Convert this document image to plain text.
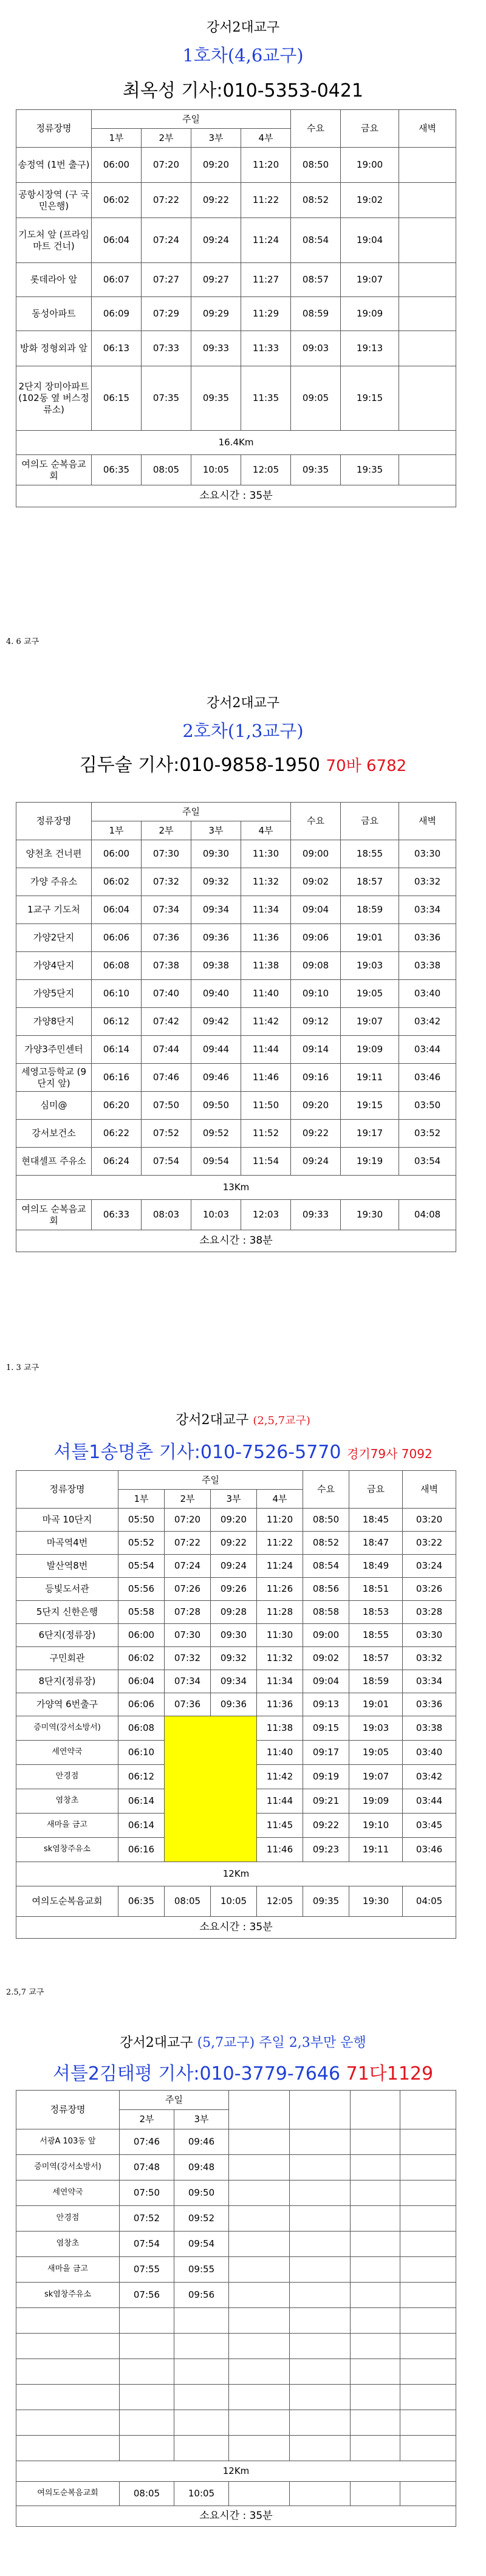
강서2대교구
1호차(4,6교구)
최옥성 기사:010-5353-0421
정류장명	주일				수요	금요	새벽
	1부	2부	3부	4부			
송정역 (1번 출구)	06:00	07:20	09:20	11:20	08:50	19:00	
공항시장역 (구 국민은행)	06:02	07:22	09:22	11:22	08:52	19:02	
기도처 앞 (프라임 마트 건너)	06:04	07:24	09:24	11:24	08:54	19:04	
롯데라아 앞	06:07	07:27	09:27	11:27	08:57	19:07	
동성아파트	06:09	07:29	09:29	11:29	08:59	19:09	
방화 정형외과 앞	06:13	07:33	09:33	11:33	09:03	19:13	
2단지 장미아파트 (102동 옆 버스정류소)	06:15	07:35	09:35	11:35	09:05	19:15	
16.4Km							
여의도 순복음교회	06:35	08:05	10:05	12:05	09:35	19:35	
소요시간 : 35분							
4. 6 교구
강서2대교구
2호차(1,3교구)
김두술 기사:010-9858-1950 70바 6782
정류장명	주일				수요	금요	새벽
	1부	2부	3부	4부			
양천초 건너편	06:00	07:30	09:30	11:30	09:00	18:55	03:30
가양 주유소	06:02	07:32	09:32	11:32	09:02	18:57	03:32
1교구 기도처	06:04	07:34	09:34	11:34	09:04	18:59	03:34
가양2단지	06:06	07:36	09:36	11:36	09:06	19:01	03:36
가양4단지	06:08	07:38	09:38	11:38	09:08	19:03	03:38
가양5단지	06:10	07:40	09:40	11:40	09:10	19:05	03:40
가양8단지	06:12	07:42	09:42	11:42	09:12	19:07	03:42
가양3주민센터	06:14	07:44	09:44	11:44	09:14	19:09	03:44
세영고등학교 (9단지 앞)	06:16	07:46	09:46	11:46	09:16	19:11	03:46
심미@	06:20	07:50	09:50	11:50	09:20	19:15	03:50
강서보건소	06:22	07:52	09:52	11:52	09:22	19:17	03:52
현대셀프 주유소	06:24	07:54	09:54	11:54	09:24	19:19	03:54
13Km							
여의도 순복음교회	06:33	08:03	10:03	12:03	09:33	19:30	04:08
소요시간 : 38분							
1. 3 교구
강서2대교구 (2,5,7교구)
셔틀1송명춘 기사:010-7526-5770 경기79사 7092
정류장명	주일				수요	금요	새벽
	1부	2부	3부	4부			
마곡 10단지	05:50	07:20	09:20	11:20	08:50	18:45	03:20
마곡역4번	05:52	07:22	09:22	11:22	08:52	18:47	03:22
발산역8번	05:54	07:24	09:24	11:24	08:54	18:49	03:24
등빛도서관	05:56	07:26	09:26	11:26	08:56	18:51	03:26
5단지 신한은행	05:58	07:28	09:28	11:28	08:58	18:53	03:28
6단지(정류장)	06:00	07:30	09:30	11:30	09:00	18:55	03:30
구민회관	06:02	07:32	09:32	11:32	09:02	18:57	03:32
8단지(정류장)	06:04	07:34	09:34	11:34	09:04	18:59	03:34
가양역 6번출구	06:06	07:36	09:36	11:36	09:13	19:01	03:36
증미역(강서소방서)	06:08			11:38	09:15	19:03	03:38
세연약국	06:10			11:40	09:17	19:05	03:40
안경점	06:12			11:42	09:19	19:07	03:42
염창초	06:14			11:44	09:21	19:09	03:44
새마을 금고	06:14			11:45	09:22	19:10	03:45
sk염창주유소	06:16			11:46	09:23	19:11	03:46
12Km							
여의도순복음교회	06:35	08:05	10:05	12:05	09:35	19:30	04:05
소요시간 : 35분							
2.5,7 교구
강서2대교구 (5,7교구) 주일 2,3부만 운행
셔틀2김태평 기사:010-3779-7646 71다1129
정류장명	주일					
	2부	3부				
서광A 103동 앞	07:46	09:46				
증미역(강서소방서)	07:48	09:48				
세연약국	07:50	09:50				
안경점	07:52	09:52				
염창초	07:54	09:54				
새마을 금고	07:55	09:55				
sk염창주유소	07:56	09:56				

12Km						
여의도순복음교회	08:05	10:05				
소요시간 : 35분						
